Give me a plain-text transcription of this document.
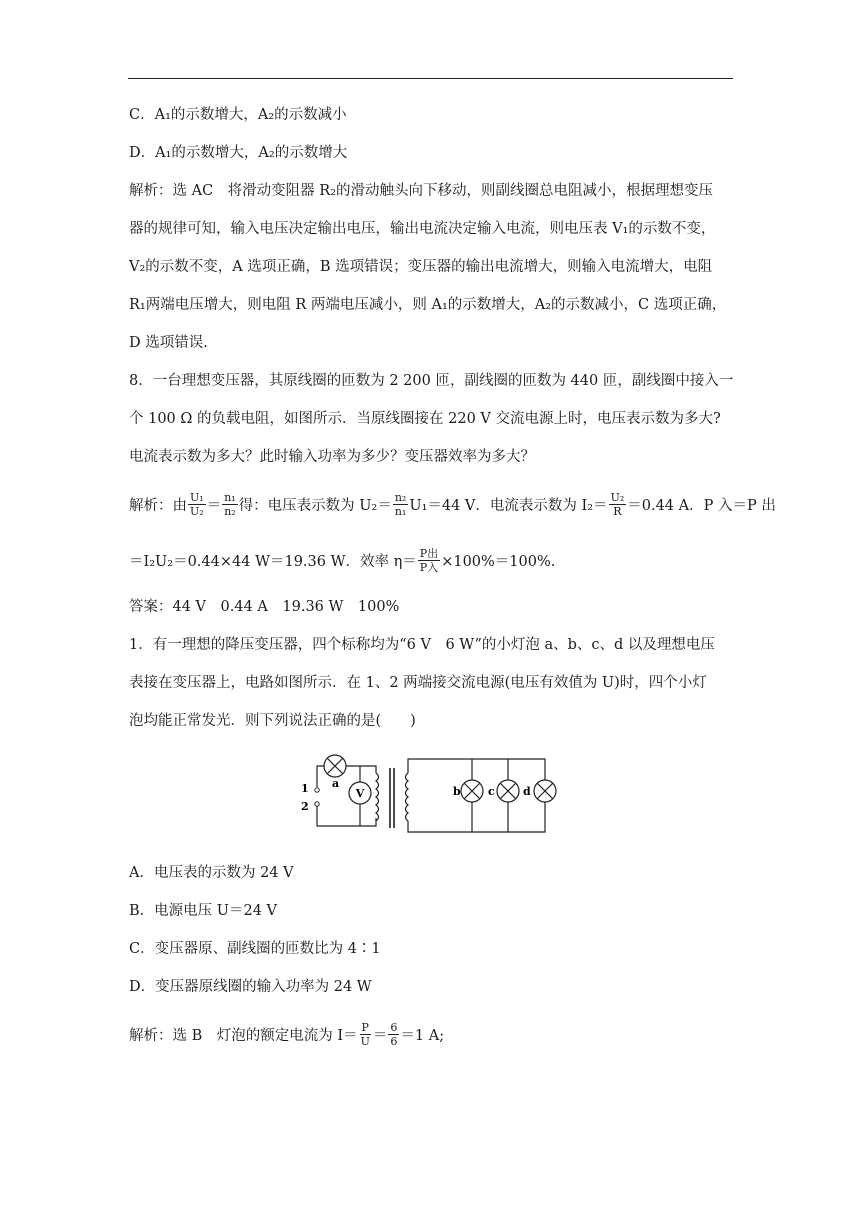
C．A₁的示数增大，A₂的示数减小
D．A₁的示数增大，A₂的示数增大
解析：选 AC　将滑动变阻器 R₂的滑动触头向下移动，则副线圈总电阻减小，根据理想变压
器的规律可知，输入电压决定输出电压，输出电流决定输入电流，则电压表 V₁的示数不变，
V₂的示数不变，A 选项正确，B 选项错误；变压器的输出电流增大，则输入电流增大，电阻
R₁两端电压增大，则电阻 R 两端电压减小，则 A₁的示数增大，A₂的示数减小，C 选项正确，
D 选项错误.
8．一台理想变压器，其原线圈的匝数为 2 200 匝，副线圈的匝数为 440 匝，副线圈中接入一
个 100 Ω 的负载电阻，如图所示．当原线圈接在 220 V 交流电源上时，电压表示数为多大?
电流表示数为多大？此时输入功率为多少？变压器效率为多大？
解析：由 $\frac{\text{U₁}}{\text{U₂}} = \frac{\text{n₁}}{\text{n₂}}$ 得：电压表示数为 $U_2= \frac{\text{n₂}}{\text{n₁}} U_1=44$ V．电流表示数为 $I_2= \frac{\text{U₂}}{R} =0.44$ A．P 入＝P 出
＝I₂U₂＝0.44×44 W＝19.36 W．效率 $\eta= \frac{\text{P出}}{\text{P入}} \times 100\%=100\%$.
答案：44 V　0.44 A　19.36 W　100%
1．有一理想的降压变压器，四个标称均为“6 V　6 W”的小灯泡 a、b、c、d 以及理想电压
表接在变压器上，电路如图所示．在 1、2 两端接交流电源(电压有效值为 U)时，四个小灯
泡均能正常发光．则下列说法正确的是(　　)
a
V
1
2
b c	d
A．电压表的示数为 24 V
B．电源电压 U＝24 V
C．变压器原、副线圈的匝数比为 4∶1
D．变压器原线圈的输入功率为 24 W
解析：选 B　灯泡的额定电流为 $I= \frac{P}{U} = \frac{6}{6} =1$ A;
